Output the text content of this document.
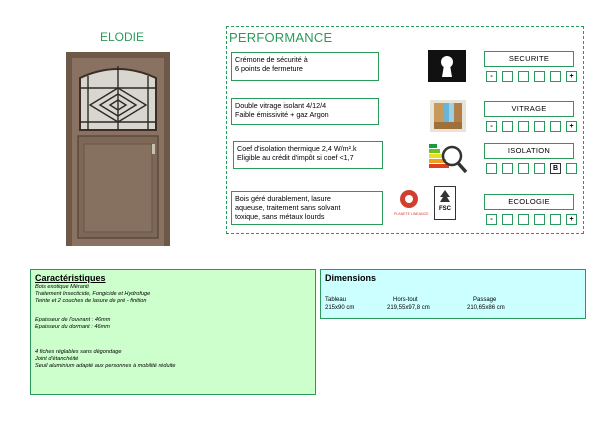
ELODIE	PERFORMANCE
Crémone de sécurité à
6 points de fermeture
Double vitrage isolant 4/12/4
Faible émissivité + gaz Argon
Coef d'isolation thermique 2,4 W/m².k
Eligible au crédit d'impôt si coef <1,7
Bois géré durablement, lasure
aqueuse, traitement sans solvant
toxique, sans métaux lourds	PLANETE LINEANCE
FSC
SECURITE
-	+
VITRAGE
-	+
ISOLATION
B
ECOLOGIE
-	+
Caractéristiques
Bois exotique Méranti
Traitement Insecticide, Fongicide et Hydrofuge
Teinte et 2 couches de lasure de pré - finition
Epaisseur de l'ouvrant : 46mm
Epaisseur du dormant : 46mm
4 fiches réglables sans dégondage
Joint d'étanchéité
Seuil aluminium adapté aux personnes à mobilité réduite
Dimensions
Tableau	Hors-tout	Passage
215x90 cm	219,55x97,8 cm	210,65x86 cm
